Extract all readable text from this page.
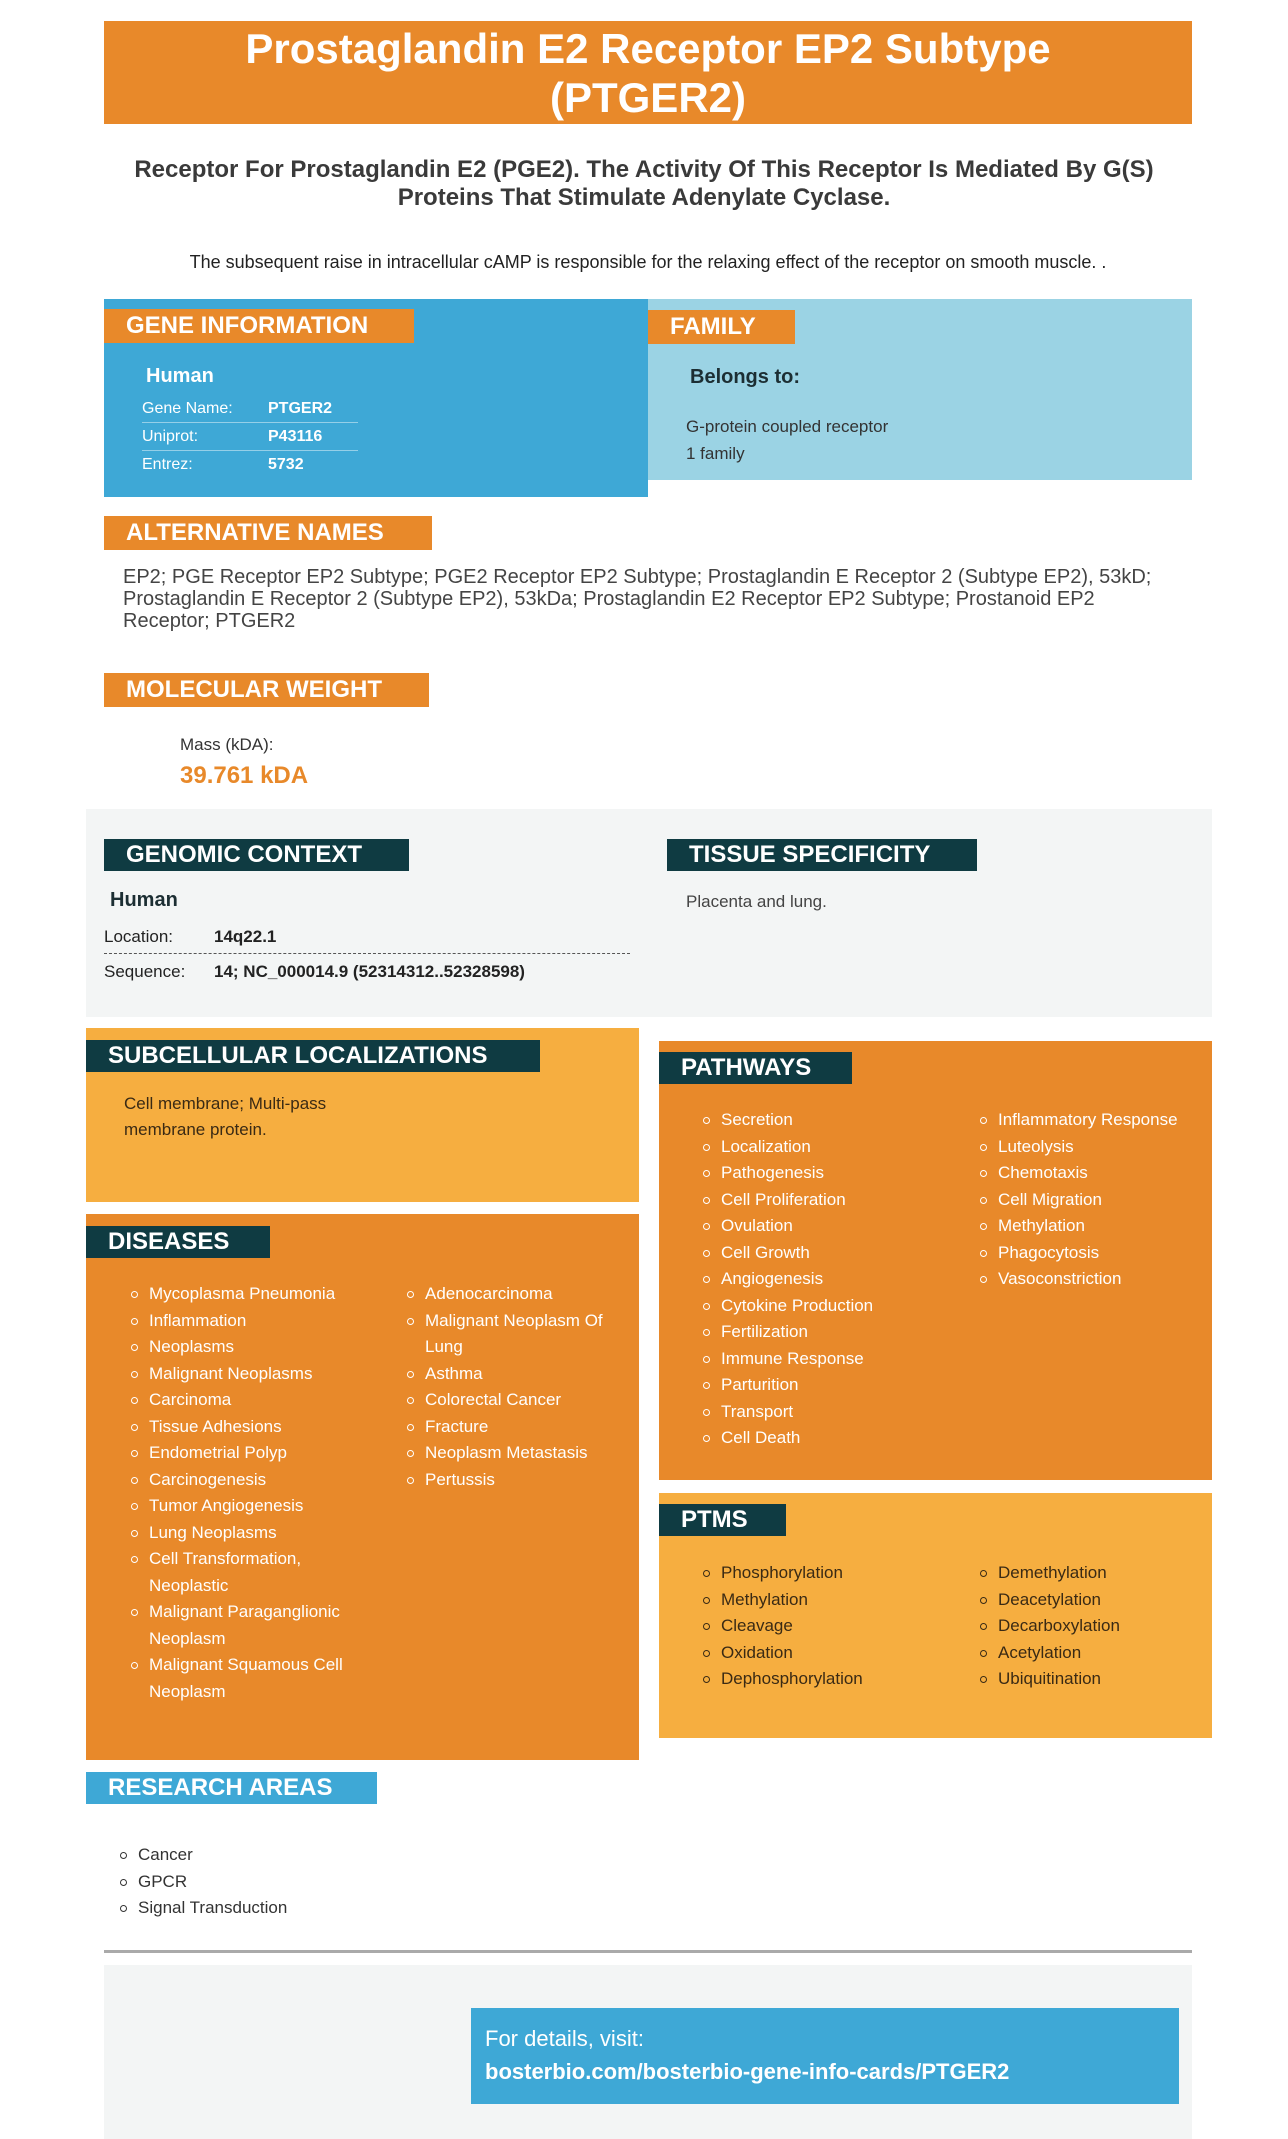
Prostaglandin E2 Receptor EP2 Subtype (PTGER2)
Receptor For Prostaglandin E2 (PGE2). The Activity Of This Receptor Is Mediated By G(S) Proteins That Stimulate Adenylate Cyclase.
The subsequent raise in intracellular cAMP is responsible for the relaxing effect of the receptor on smooth muscle. .
GENE INFORMATION
Human
Gene Name:	PTGER2
Uniprot:	P43116
Entrez:	5732
FAMILY
Belongs to:
G-protein coupled receptor
1 family
ALTERNATIVE NAMES
EP2; PGE Receptor EP2 Subtype; PGE2 Receptor EP2 Subtype; Prostaglandin E Receptor 2 (Subtype EP2), 53kD; Prostaglandin E Receptor 2 (Subtype EP2), 53kDa; Prostaglandin E2 Receptor EP2 Subtype; Prostanoid EP2 Receptor; PTGER2
MOLECULAR WEIGHT
Mass (kDA):
39.761 kDA
GENOMIC CONTEXT
Human
Location:	14q22.1
Sequence:	14; NC_000014.9 (52314312..52328598)
TISSUE SPECIFICITY
Placenta and lung.
SUBCELLULAR LOCALIZATIONS
Cell membrane; Multi-pass membrane protein.
DISEASES
Mycoplasma Pneumonia
Inflammation
Neoplasms
Malignant Neoplasms
Carcinoma
Tissue Adhesions
Endometrial Polyp
Carcinogenesis
Tumor Angiogenesis
Lung Neoplasms
Cell Transformation, Neoplastic
Malignant Paraganglionic Neoplasm
Malignant Squamous Cell Neoplasm
Adenocarcinoma
Malignant Neoplasm Of Lung
Asthma
Colorectal Cancer
Fracture
Neoplasm Metastasis
Pertussis
PATHWAYS
Secretion
Localization
Pathogenesis
Cell Proliferation
Ovulation
Cell Growth
Angiogenesis
Cytokine Production
Fertilization
Immune Response
Parturition
Transport
Cell Death
Inflammatory Response
Luteolysis
Chemotaxis
Cell Migration
Methylation
Phagocytosis
Vasoconstriction
PTMS
Phosphorylation
Methylation
Cleavage
Oxidation
Dephosphorylation
Demethylation
Deacetylation
Decarboxylation
Acetylation
Ubiquitination
RESEARCH AREAS
Cancer
GPCR
Signal Transduction
For details, visit:
bosterbio.com/bosterbio-gene-info-cards/PTGER2
